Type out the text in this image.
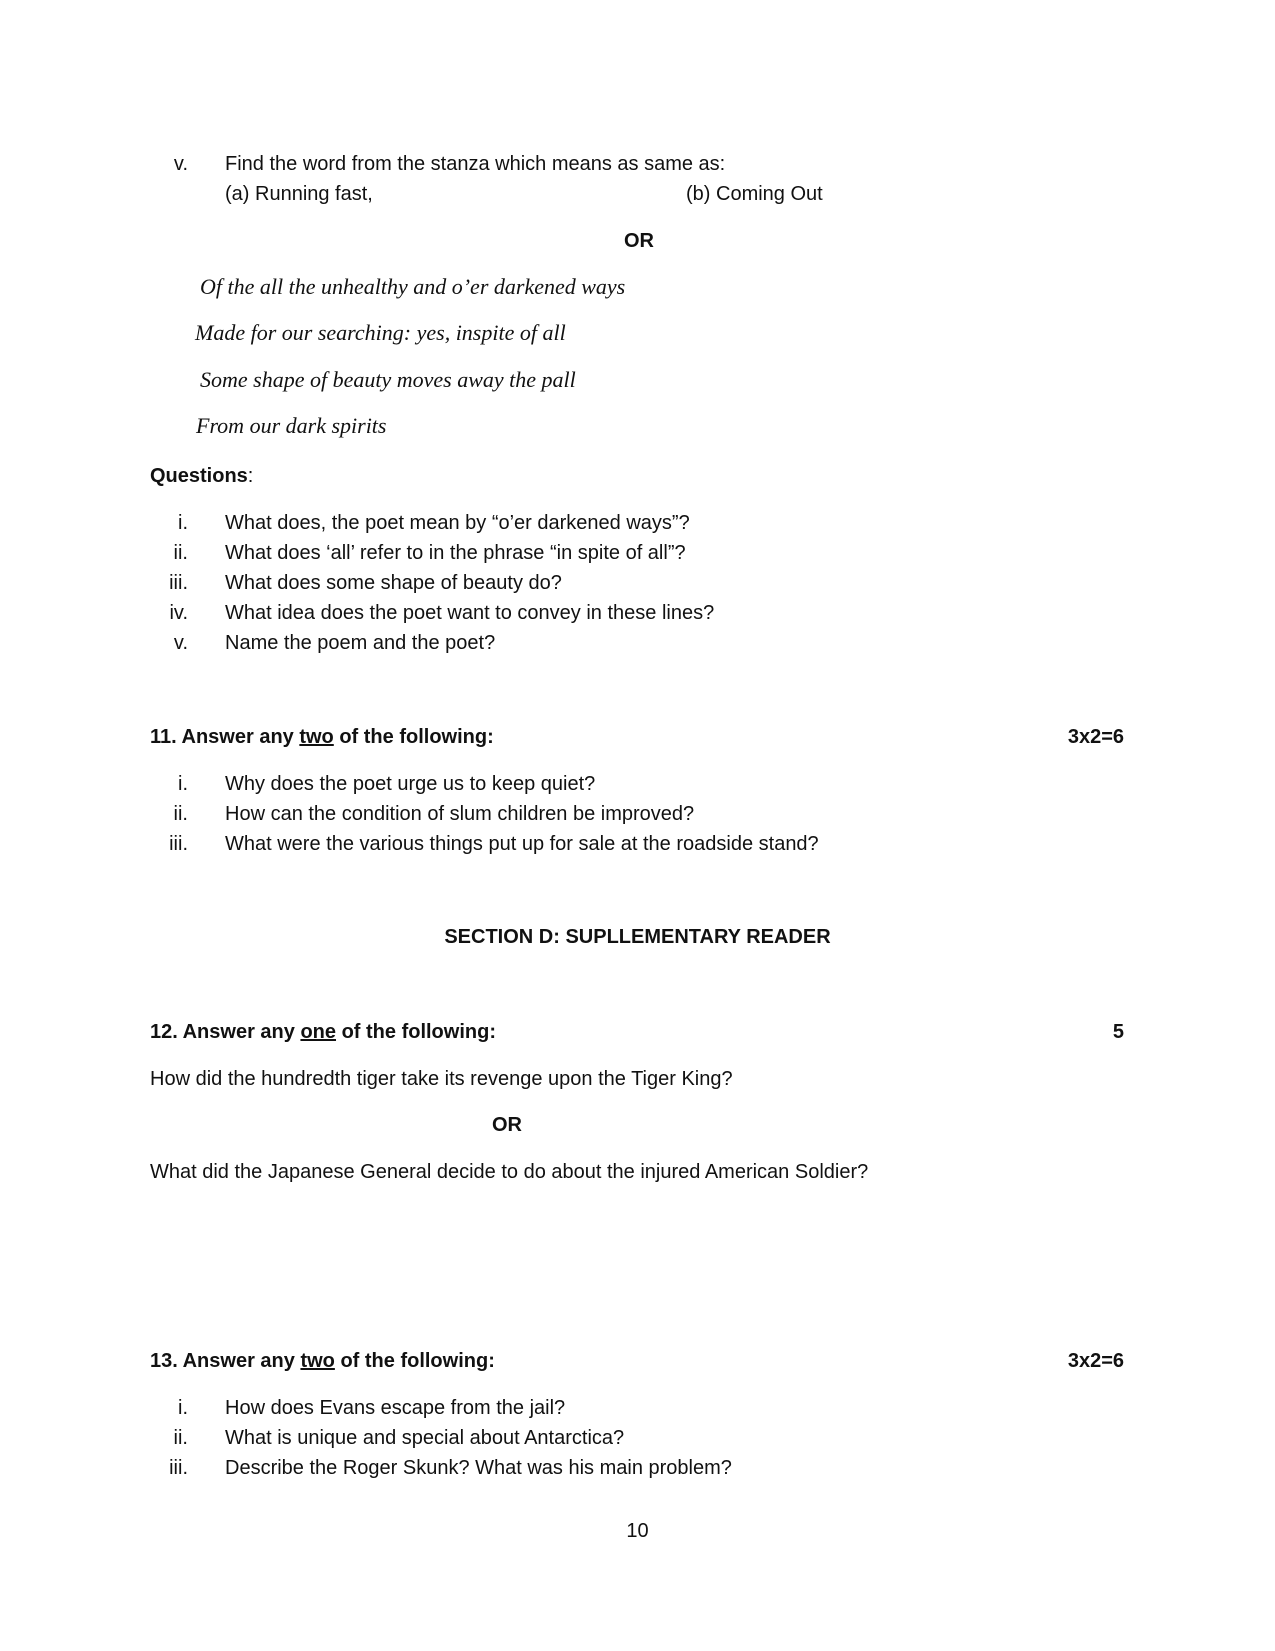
v. Find the word from the stanza which means as same as:
(a) Running fast,	(b) Coming Out
OR
Of the all the unhealthy and o’er darkened ways
Made for our searching: yes, inspite of all
Some shape of beauty moves away the pall
From our dark spirits
Questions:
i. What does, the poet mean by “o’er darkened ways”?
ii. What does ‘all’ refer to in the phrase “in spite of all”?
iii. What does some shape of beauty do?
iv. What idea does the poet want to convey in these lines?
v. Name the poem and the poet?
11. Answer any two of the following:	3x2=6
i. Why does the poet urge us to keep quiet?
ii. How can the condition of slum children be improved?
iii. What were the various things put up for sale at the roadside stand?
SECTION D: SUPLLEMENTARY READER
12. Answer any one of the following:	5
How did the hundredth tiger take its revenge upon the Tiger King?
OR
What did the Japanese General decide to do about the injured American Soldier?
13. Answer any two of the following:	3x2=6
i. How does Evans escape from the jail?
ii. What is unique and special about Antarctica?
iii. Describe the Roger Skunk? What was his main problem?
10
